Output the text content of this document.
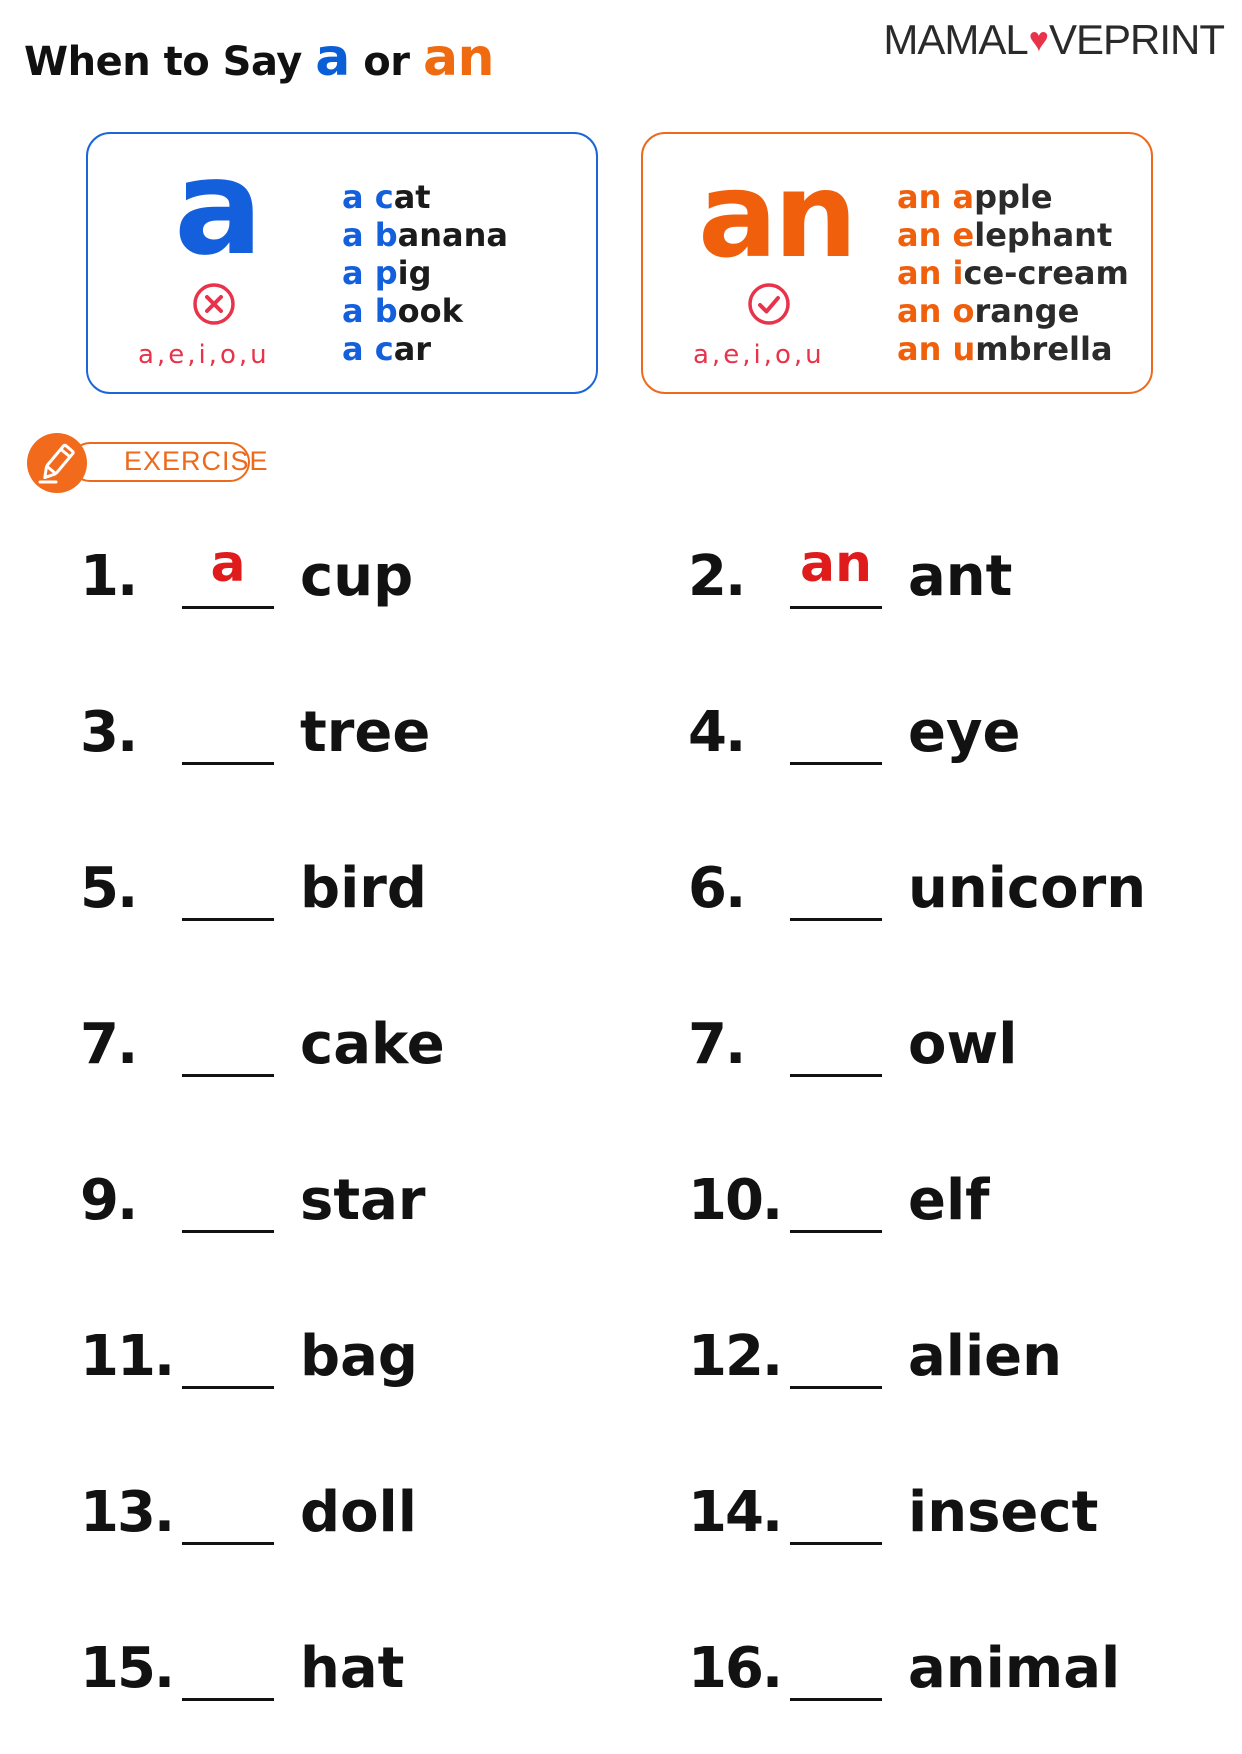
When to Say a or an	MAMAL♥VEPRINT
a
a,e,i,o,u
a cat
a banana
a pig
a book
a car
an
a,e,i,o,u
an apple
an elephant
an ice-cream
an orange
an umbrella
EXERCISE
1.	a cup	2. an ant
3.	tree	4.	eye
5.	bird	6.	unicorn
7.	cake	7.	owl
9.	star	10. elf
11. bag	12. alien
13. doll	14. insect
15. hat	16. animal
